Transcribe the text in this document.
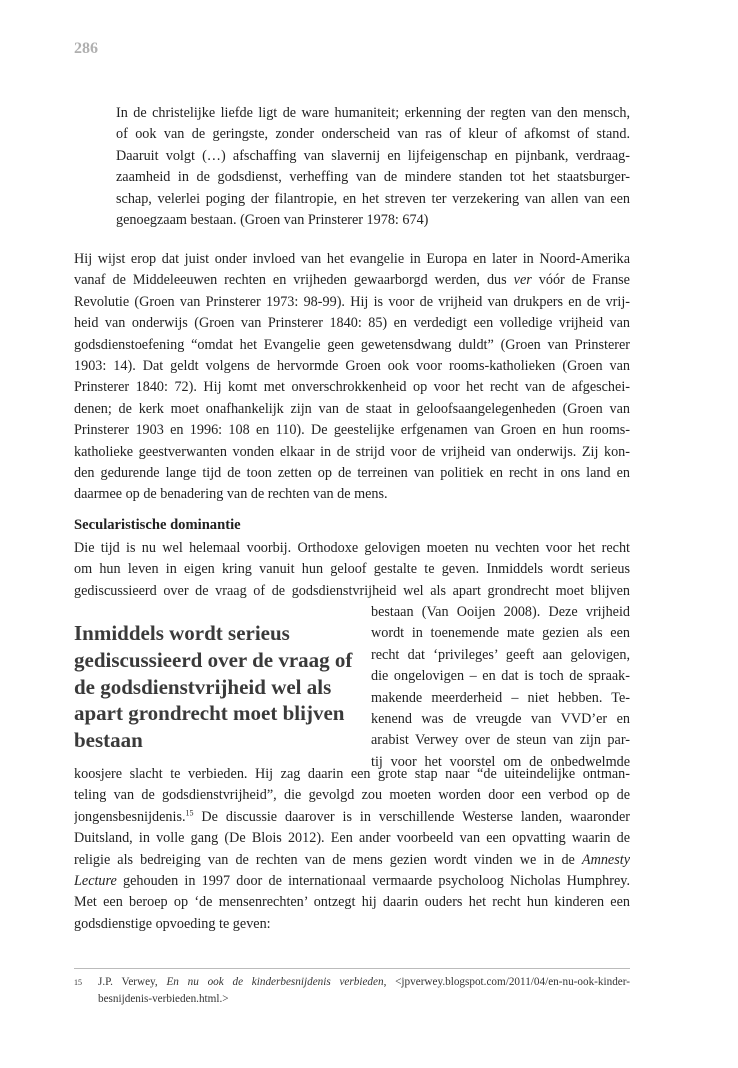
286
In de christelijke liefde ligt de ware humaniteit; erkenning der regten van den mensch,
of ook van de geringste, zonder onderscheid van ras of kleur of afkomst of stand.
Daaruit volgt (…) afschaffing van slavernij en lijfeigenschap en pijnbank, verdraag-
zaamheid in de godsdienst, verheffing van de mindere standen tot het staatsburger-
schap, velerlei poging der filantropie, en het streven ter verzekering van allen van een
genoegzaam bestaan. (Groen van Prinsterer 1978: 674)
Hij wijst erop dat juist onder invloed van het evangelie in Europa en later in Noord-Amerika
vanaf de Middeleeuwen rechten en vrijheden gewaarborgd werden, dus ver vóór de Franse
Revolutie (Groen van Prinsterer 1973: 98-99). Hij is voor de vrijheid van drukpers en de vrij-
heid van onderwijs (Groen van Prinsterer 1840: 85) en verdedigt een volledige vrijheid van
godsdienstoefening “omdat het Evangelie geen gewetensdwang duldt” (Groen van Prinsterer
1903: 14). Dat geldt volgens de hervormde Groen ook voor rooms-katholieken (Groen van
Prinsterer 1840: 72). Hij komt met onverschrokkenheid op voor het recht van de afgeschei-
denen; de kerk moet onafhankelijk zijn van de staat in geloofsaangelegenheden (Groen van
Prinsterer 1903 en 1996: 108 en 110). De geestelijke erfgenamen van Groen en hun rooms-
katholieke geestverwanten vonden elkaar in de strijd voor de vrijheid van onderwijs. Zij kon-
den gedurende lange tijd de toon zetten op de terreinen van politiek en recht in ons land en
daarmee op de benadering van de rechten van de mens.
Secularistische dominantie
Die tijd is nu wel helemaal voorbij. Orthodoxe gelovigen moeten nu vechten voor het recht
om hun leven in eigen kring vanuit hun geloof gestalte te geven. Inmiddels wordt serieus
gediscussieerd over de vraag of de godsdienstvrijheid wel als apart grondrecht moet blijven
Inmiddels wordt serieus
gediscussieerd over de vraag of
de godsdienstvrijheid wel als
apart grondrecht moet blijven
bestaan
bestaan (Van Ooijen 2008). Deze vrijheid
wordt in toenemende mate gezien als een
recht dat ‘privileges’ geeft aan gelovigen,
die ongelovigen – en dat is toch de spraak-
makende meerderheid – niet hebben. Te-
kenend was de vreugde van VVD’er en
arabist Verwey over de steun van zijn par-
tij voor het voorstel om de onbedwelmde
koosjere slacht te verbieden. Hij zag daarin een grote stap naar “de uiteindelijke ontman-
teling van de godsdienstvrijheid”, die gevolgd zou moeten worden door een verbod op de
jongensbesnijdenis.$^{15}$ De discussie daarover is in verschillende Westerse landen, waaronder
Duitsland, in volle gang (De Blois 2012). Een ander voorbeeld van een opvatting waarin de
religie als bedreiging van de rechten van de mens gezien wordt vinden we in de Amnesty
Lecture gehouden in 1997 door de internationaal vermaarde psycholoog Nicholas Humphrey.
Met een beroep op ‘de mensenrechten’ ontzegt hij daarin ouders het recht hun kinderen een
godsdienstige opvoeding te geven:
15 J.P. Verwey, En nu ook de kinderbesnijdenis verbieden, <jpverwey.blogspot.com/2011/04/en-nu-ook-kinder-
besnijdenis-verbieden.html.>
